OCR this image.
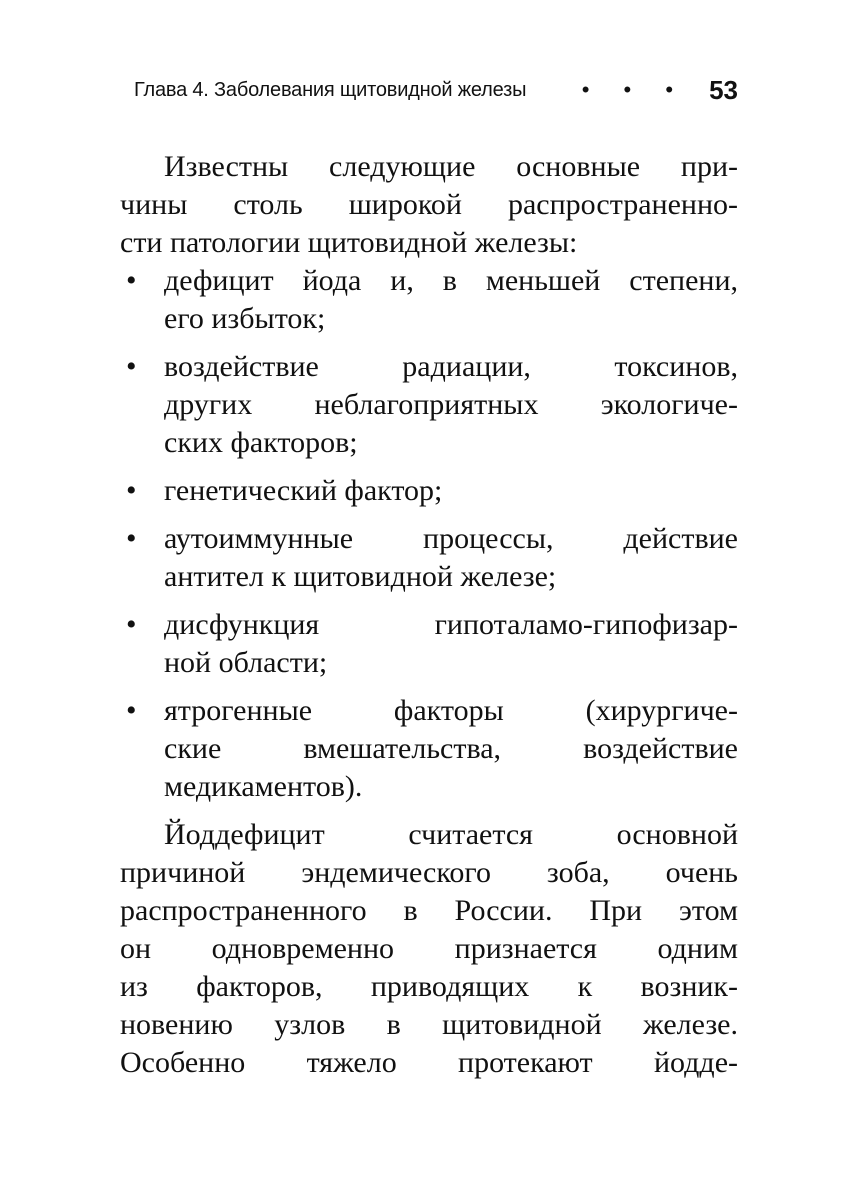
Глава 4. Заболевания щитовидной железы	• • • 53
Известны следующие основные при-
чины столь широкой распространенно-
сти патологии щитовидной железы:
• дефицит йода и, в меньшей степени,
его избыток;
• воздействие радиации, токсинов,
других неблагоприятных экологиче-
ских факторов;
• генетический фактор;
• аутоиммунные процессы, действие
антител к щитовидной железе;
• дисфункция гипоталамо-гипофизар-
ной области;
• ятрогенные факторы (хирургиче-
ские вмешательства, воздействие
медикаментов).
Йоддефицит считается основной
причиной эндемического зоба, очень
распространенного в России. При этом
он одновременно признается одним
из факторов, приводящих к возник-
новению узлов в щитовидной железе.
Особенно тяжело протекают йодде-
